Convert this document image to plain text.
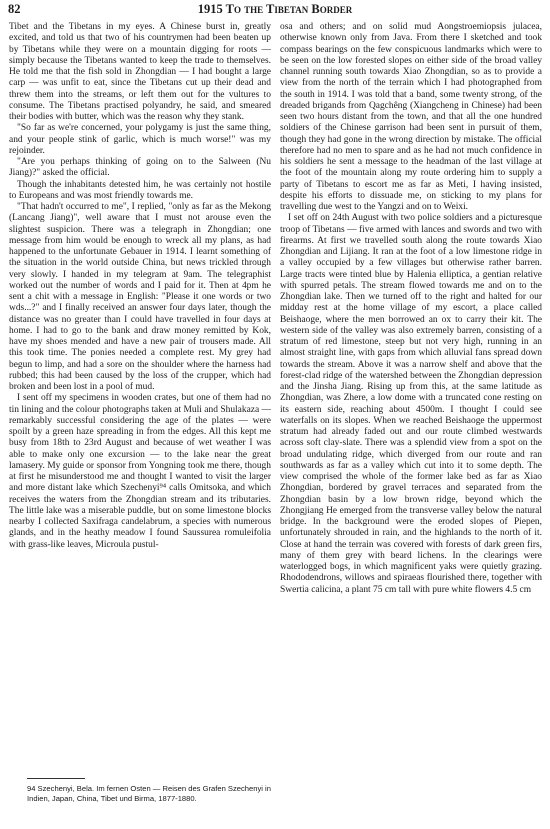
82	1915 To the Tibetan Border

Tibet and the Tibetans in my eyes. A Chinese burst in, greatly excited, and told us that two of his countrymen had been beaten up by Tibetans while they were on a mountain digging for roots — simply because the Tibetans wanted to keep the trade to themselves. He told me that the fish sold in Zhongdian — I had bought a large carp — was unfit to eat, since the Tibetans cut up their dead and threw them into the streams, or left them out for the vultures to consume. The Tibetans practised polyandry, he said, and smeared their bodies with butter, which was the reason why they stank.

"So far as we're concerned, your polygamy is just the same thing, and your people stink of garlic, which is much worse!" was my rejoinder.

"Are you perhaps thinking of going on to the Salween (Nu Jiang)?" asked the official.

Though the inhabitants detested him, he was certainly not hostile to Europeans and was most friendly towards me.

"That hadn't occurred to me", I replied, "only as far as the Mekong (Lancang Jiang)", well aware that I must not arouse even the slightest suspicion. There was a telegraph in Zhongdian; one message from him would be enough to wreck all my plans, as had happened to the unfortunate Gebauer in 1914. I learnt something of the situation in the world outside China, but news trickled through very slowly. I handed in my telegram at 9am. The telegraphist worked out the number of words and I paid for it. Then at 4pm he sent a chit with a message in English: "Please it one words or two wds...?" and I finally received an answer four days later, though the distance was no greater than I could have travelled in four days at home. I had to go to the bank and draw money remitted by Kok, have my shoes mended and have a new pair of trousers made. All this took time. The ponies needed a complete rest. My grey had begun to limp, and had a sore on the shoulder where the harness had rubbed; this had been caused by the loss of the crupper, which had broken and been lost in a pool of mud.

I sent off my specimens in wooden crates, but one of them had no tin lining and the colour photographs taken at Muli and Shulakaza — remarkably successful considering the age of the plates — were spoilt by a green haze spreading in from the edges. All this kept me busy from 18th to 23rd August and because of wet weather I was able to make only one excursion — to the lake near the great lamasery. My guide or sponsor from Yongning took me there, though at first he misunderstood me and thought I wanted to visit the larger and more distant lake which Szechenyi⁹⁴ calls Omitsoka, and which receives the waters from the Zhongdian stream and its tributaries. The little lake was a miserable puddle, but on some limestone blocks nearby I collected Saxifraga candelabrum, a species with numerous glands, and in the heathy meadow I found Saussurea romuleifolia with grass-like leaves, Microula pustul-

osa and others; and on solid mud Aongstroemiopsis julacea, otherwise known only from Java. From there I sketched and took compass bearings on the few conspicuous landmarks which were to be seen on the low forested slopes on either side of the broad valley channel running south towards Xiao Zhongdian, so as to provide a view from the north of the terrain which I had photographed from the south in 1914. I was told that a band, some twenty strong, of the dreaded brigands from Qagchêng (Xiangcheng in Chinese) had been seen two hours distant from the town, and that all the one hundred soldiers of the Chinese garrison had been sent in pursuit of them, though they had gone in the wrong direction by mistake. The official therefore had no men to spare and as he had not much confidence in his soldiers he sent a message to the headman of the last village at the foot of the mountain along my route ordering him to supply a party of Tibetans to escort me as far as Meti, I having insisted, despite his efforts to dissuade me, on sticking to my plans for travelling due west to the Yangzi and on to Weixi.

I set off on 24th August with two police soldiers and a picturesque troop of Tibetans — five armed with lances and swords and two with firearms. At first we travelled south along the route towards Xiao Zhongdian and Lijiang. It ran at the foot of a low limestone ridge in a valley occupied by a few villages but otherwise rather barren. Large tracts were tinted blue by Halenia elliptica, a gentian relative with spurred petals. The stream flowed towards me and on to the Zhongdian lake. Then we turned off to the right and halted for our midday rest at the home village of my escort, a place called Beishaoge, where the men borrowed an ox to carry their kit. The western side of the valley was also extremely barren, consisting of a stratum of red limestone, steep but not very high, running in an almost straight line, with gaps from which alluvial fans spread down towards the stream. Above it was a narrow shelf and above that the forest-clad ridge of the watershed between the Zhongdian depression and the Jinsha Jiang. Rising up from this, at the same latitude as Zhongdian, was Zhere, a low dome with a truncated cone resting on its eastern side, reaching about 4500m. I thought I could see waterfalls on its slopes. When we reached Beishaoge the uppermost stratum had already faded out and our route climbed westwards across soft clay-slate. There was a splendid view from a spot on the broad undulating ridge, which diverged from our route and ran southwards as far as a valley which cut into it to some depth. The view comprised the whole of the former lake bed as far as Xiao Zhongdian, bordered by gravel terraces and separated from the Zhongdian basin by a low brown ridge, beyond which the Zhongjiang He emerged from the transverse valley below the natural bridge. In the background were the eroded slopes of Piepen, unfortunately shrouded in rain, and the highlands to the north of it. Close at hand the terrain was covered with forests of dark green firs, many of them grey with beard lichens. In the clearings were waterlogged bogs, in which magnificent yaks were quietly grazing. Rhododendrons, willows and spiraeas flourished there, together with Swertia calicina, a plant 75 cm tall with pure white flowers 4.5 cm

94 Szechenyi, Bela. Im fernen Osten — Reisen des Grafen Szechenyi in Indien, Japan, China, Tibet und Birma, 1877-1880.
